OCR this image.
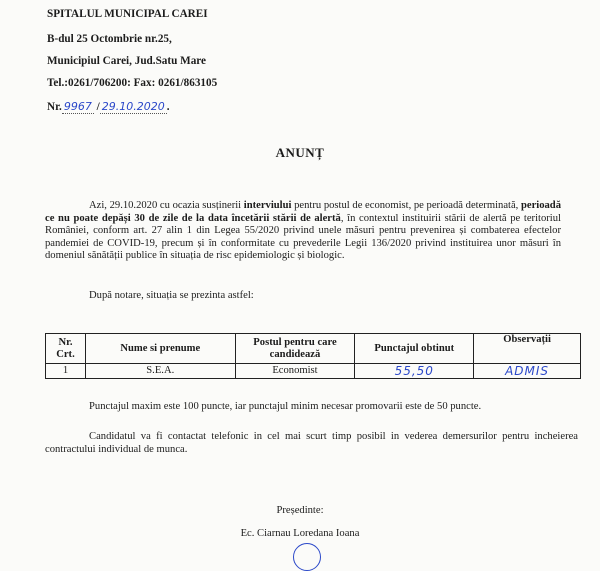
SPITALUL MUNICIPAL CAREI
B-dul 25 Octombrie nr.25,
Municipiul Carei, Jud.Satu Mare
Tel.:0261/706200: Fax: 0261/863105
Nr. 9967 / 29.10.2020 .
ANUNȚ
Azi, 29.10.2020 cu ocazia susținerii interviului pentru postul de economist, pe perioadă determinată, perioadă ce nu poate depăși 30 de zile de la data încetării stării de alertă, în contextul instituirii stării de alertă pe teritoriul României, conform art. 27 alin 1 din Legea 55/2020 privind unele măsuri pentru prevenirea și combaterea efectelor pandemiei de COVID-19, precum și în conformitate cu prevederile Legii 136/2020 privind instituirea unor măsuri în domeniul sănătății publice în situația de risc epidemiologic și biologic.
După notare, situația se prezinta astfel:
Nr. Crt.	Nume si prenume	Postul pentru care candidează	Punctajul obtinut	Observații
1	S.E.A.	Economist	55,50	ADMIS
Punctajul maxim este 100 puncte, iar punctajul minim necesar promovarii este de 50 puncte.
Candidatul va fi contactat telefonic in cel mai scurt timp posibil in vederea demersurilor pentru incheierea contractului individual de munca.
Președinte:
Ec. Ciarnau Loredana Ioana
